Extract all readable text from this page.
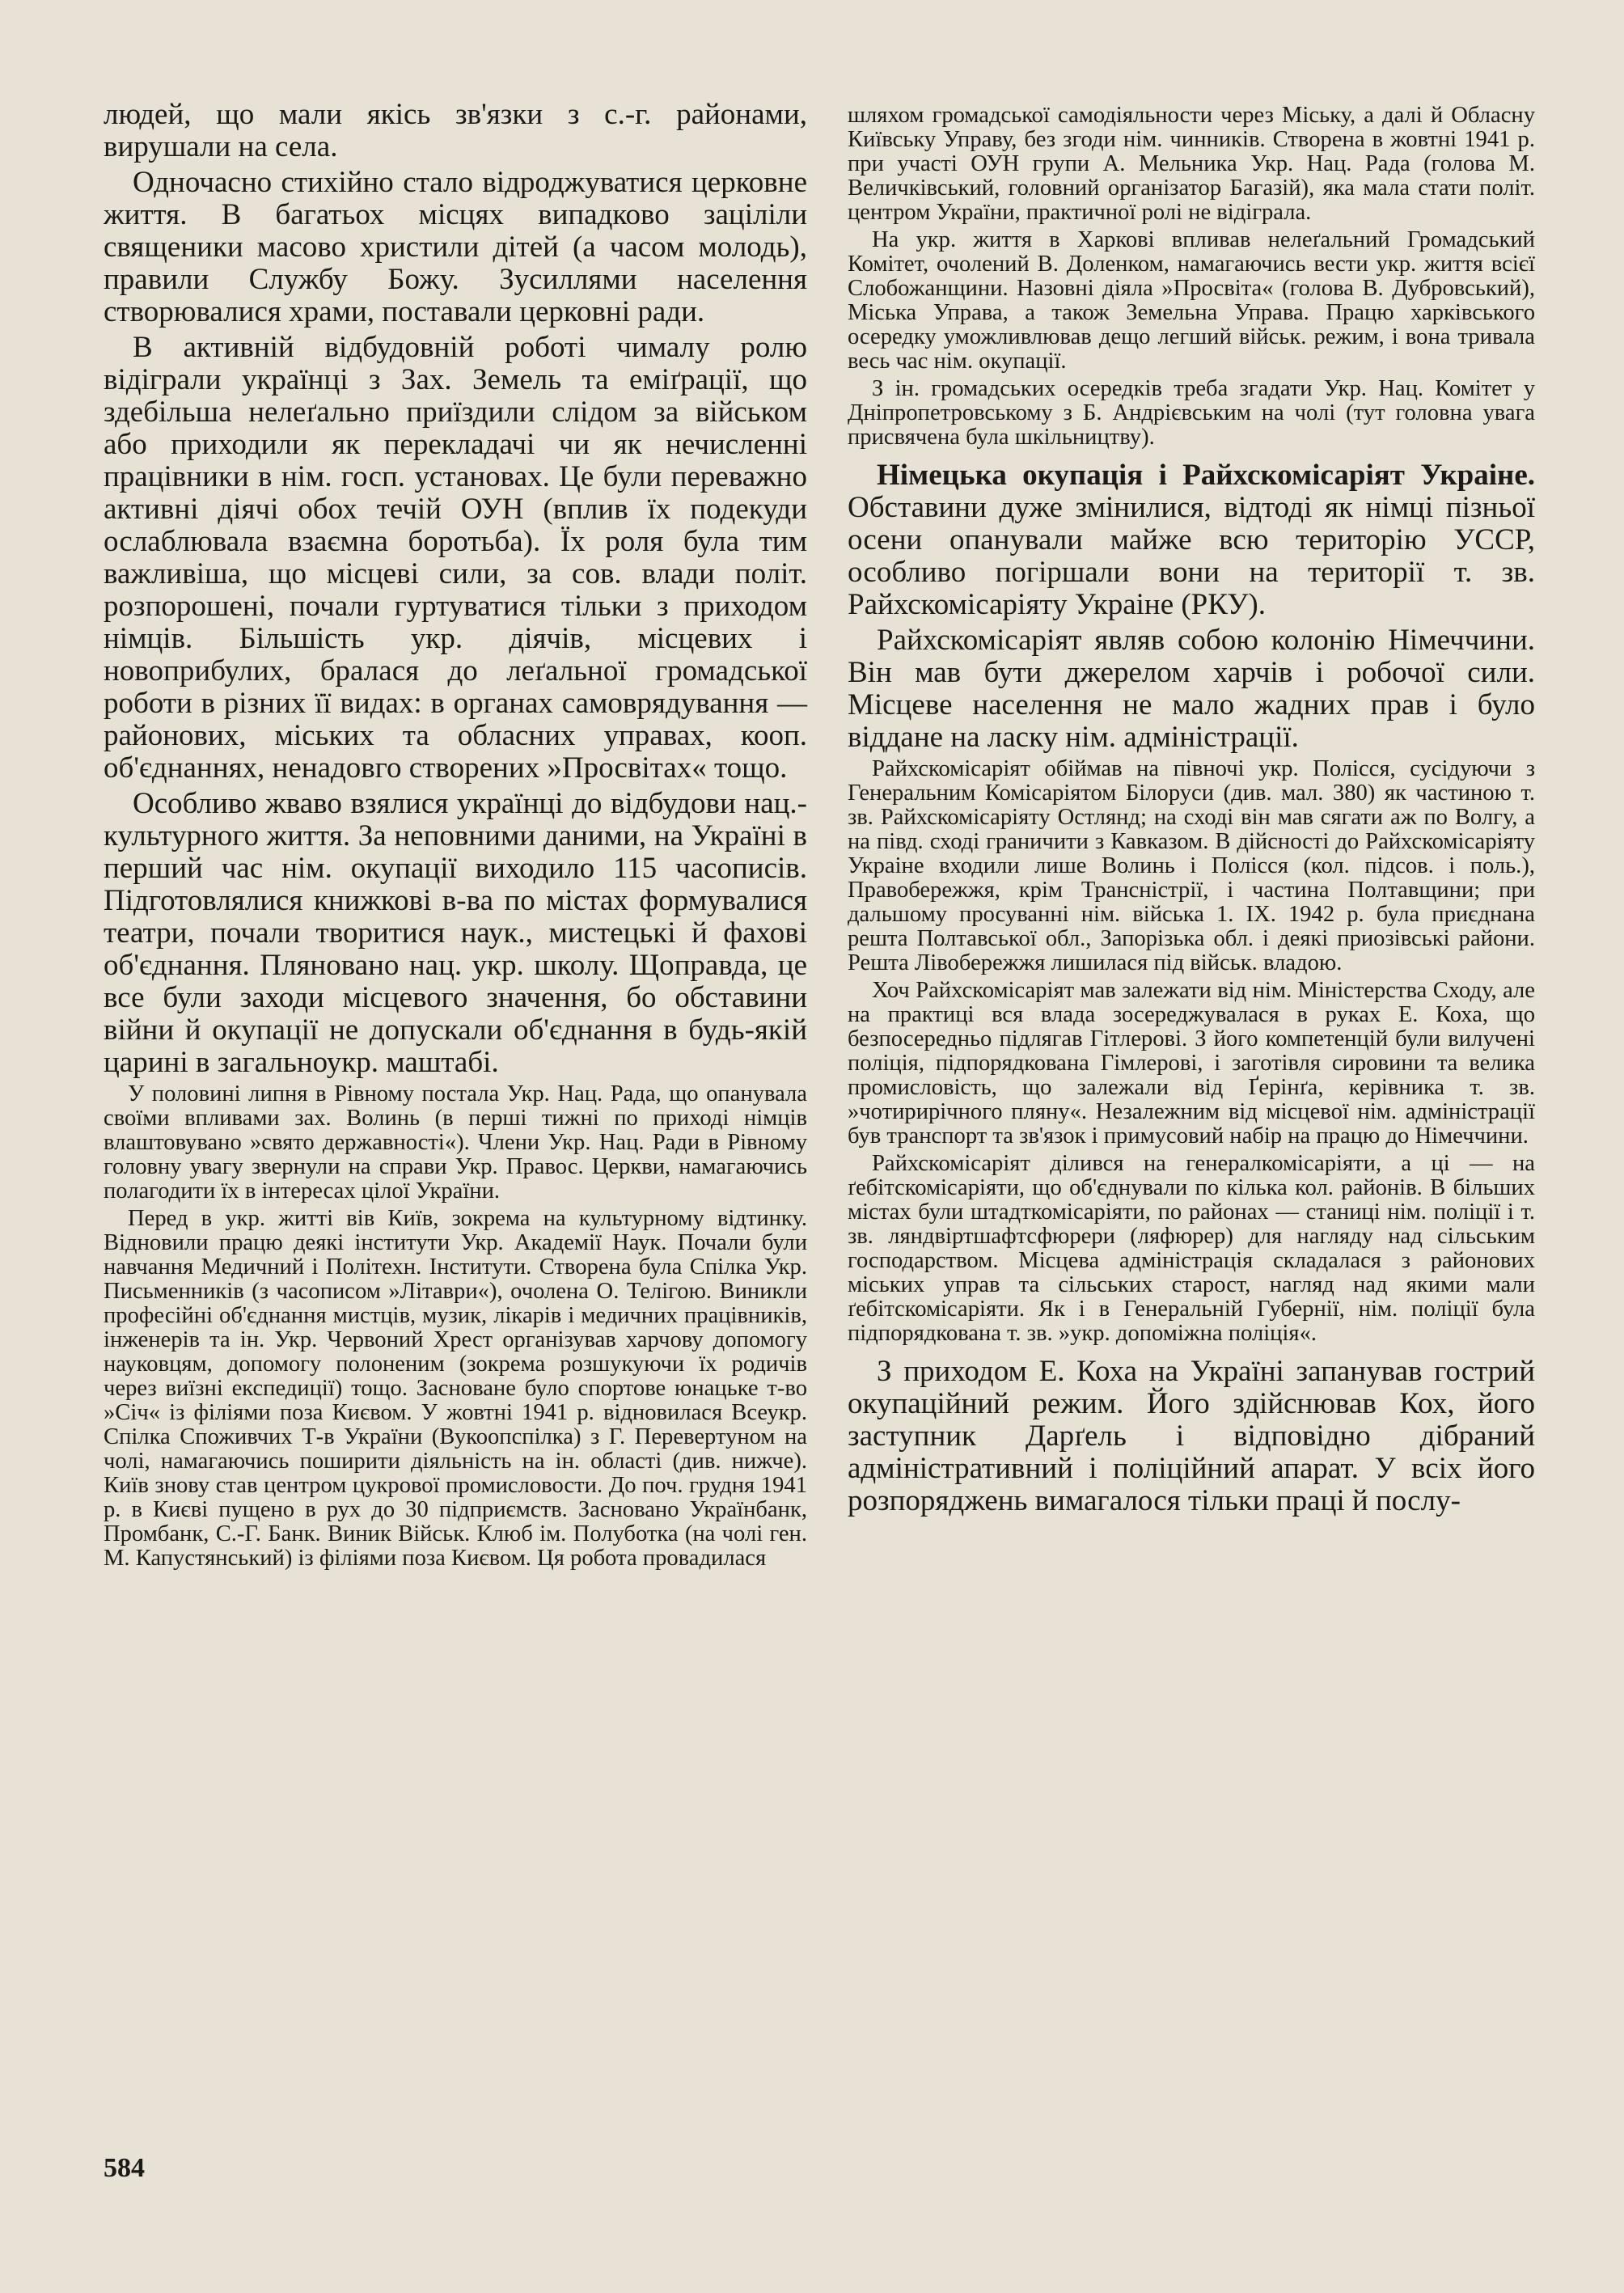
людей, що мали якісь зв'язки з с.-г. районами, вирушали на села.

Одночасно стихійно стало відроджуватися церковне життя. В багатьох місцях випадково заціліли священики масово христили дітей (а часом молодь), правили Службу Божу. Зусиллями населення створювалися храми, поставали церковні ради.

В активній відбудовній роботі чималу ролю відіграли українці з Зах. Земель та еміґрації, що здебільша нелеґально приїздили слідом за військом або приходили як перекладачі чи як нечисленні працівники в нім. госп. установах. Це були переважно активні діячі обох течій ОУН (вплив їх подекуди ослаблювала взаємна боротьба). Їх роля була тим важливіша, що місцеві сили, за сов. влади політ. розпорошені, почали гуртуватися тільки з приходом німців. Більшість укр. діячів, місцевих і новоприбулих, бралася до леґальної громадської роботи в різних її видах: в органах самоврядування — районових, міських та обласних управах, кооп. об'єднаннях, ненадовго створених »Просвітах« тощо.

Особливо жваво взялися українці до відбудови нац.-культурного життя. За неповними даними, на Україні в перший час нім. окупації виходило 115 часописів. Підготовлялися книжкові в-ва по містах формувалися театри, почали творитися наук., мистецькі й фахові об'єднання. Плянованo нац. укр. школу. Щоправда, це все були заходи місцевого значення, бо обставини війни й окупації не допускали об'єднання в будь-якій царині в загальноукр. маштабі.

У половині липня в Рівному постала Укр. Нац. Рада, що опанувала своїми впливами зах. Волинь (в перші тижні по приході німців влаштовувано »свято державності«). Члени Укр. Нац. Ради в Рівному головну увагу звернули на справи Укр. Правос. Церкви, намагаючись полагодити їх в інтересах цілої України.

Перед в укр. житті вів Київ, зокрема на культурному відтинку. Відновили працю деякі інститути Укр. Академії Наук. Почали були навчання Медичний і Політехн. Інститути. Створена була Спілка Укр. Письменників (з часописом »Літаври«), очолена О. Телігою. Виникли професійні об'єднання мистців, музик, лікарів і медичних працівників, інженерів та ін. Укр. Червоний Хрест організував харчову допомогу науковцям, допомогу полоненим (зокрема розшукуючи їх родичів через виїзні експедиції) тощо. Засноване було спортове юнацьке т-во »Січ« із філіями поза Києвом. У жовтні 1941 р. відновилася Всеукр. Спілка Споживчих Т-в України (Вукоопспілка) з Г. Перевертуном на чолі, намагаючись поширити діяльність на ін. області (див. нижче). Київ знову став центром цукрової промисловости. До поч. грудня 1941 р. в Києві пущено в рух до 30 підприємств. Засновано Українбанк, Промбанк, С.-Г. Банк. Виник Військ. Клюб ім. Полуботка (на чолі ген. М. Капустянський) із філіями поза Києвом. Ця робота провадилася

шляхом громадської самодіяльности через Міську, а далі й Обласну Київську Управу, без згоди нім. чинників. Створена в жовтні 1941 р. при участі ОУН групи А. Мельника Укр. Нац. Рада (голова М. Величківський, головний організатор Багазій), яка мала стати політ. центром України, практичної ролі не відіграла.

На укр. життя в Харкові впливав нелеґальний Громадський Комітет, очолений В. Доленком, намагаючись вести укр. життя всієї Слобожанщини. Назовні діяла »Просвіта« (голова В. Дубровський), Міська Управа, а також Земельна Управа. Працю харківського осередку уможливлював дещо легший військ. режим, і вона тривала весь час нім. окупації.

З ін. громадських осередків треба згадати Укр. Нац. Комітет у Дніпропетровському з Б. Андрієвським на чолі (тут головна увага присвячена була шкільництву).

Німецька окупація і Райхскомісаріят Украіне. Обставини дуже змінилися, відтоді як німці пізньої осени опанували майже всю територію УССР, особливо погіршали вони на території т. зв. Райхскомісаріяту Украіне (РКУ).

Райхскомісаріят являв собою колонію Німеччини. Він мав бути джерелом харчів і робочої сили. Місцеве населення не мало жадних прав і було віддане на ласку нім. адміністрації.

Райхскомісаріят обіймав на півночі укр. Полісся, сусідуючи з Генеральним Комісаріятом Білоруси (див. мал. 380) як частиною т. зв. Райхскомісаріяту Остлянд; на сході він мав сягати аж по Волгу, а на півд. сході граничити з Кавказом. В дійсності до Райхскомісаріяту Украіне входили лише Волинь і Полісся (кол. підсов. і поль.), Правобережжя, крім Трансністрії, і частина Полтавщини; при дальшому просуванні нім. війська 1. IX. 1942 р. була приєднана решта Полтавської обл., Запорізька обл. і деякі приозівські райони. Решта Лівобережжя лишилася під військ. владою.

Хоч Райхскомісаріят мав залежати від нім. Міністерства Сходу, але на практиці вся влада зосереджувалася в руках Е. Коха, що безпосередньо підлягав Гітлерові. З його компетенцій були вилучені поліція, підпорядкована Гімлерові, і заготівля сировини та велика промисловість, що залежали від Ґерінґа, керівника т. зв. »чотирирічного пляну«. Незалежним від місцевої нім. адміністрації був транспорт та зв'язок і примусовий набір на працю до Німеччини.

Райхскомісаріят ділився на генералкомісаріяти, а ці — на ґебітскомісаріяти, що об'єднували по кілька кол. районів. В більших містах були штадткомісаріяти, по районах — станиці нім. поліції і т. зв. ляндвіртшафтсфюрери (ляфюрер) для нагляду над сільським господарством. Місцева адміністрація складалася з районових міських управ та сільських старост, нагляд над якими мали ґебітскомісаріяти. Як і в Генеральній Губернії, нім. поліції була підпорядкована т. зв. »укр. допоміжна поліція«.

З приходом Е. Коха на Україні запанував гострий окупаційний режим. Його здійснював Кох, його заступник Дарґель і відповідно дібраний адміністративний і поліційний апарат. У всіх його розпоряджень вимагалося тільки праці й послу-

584
